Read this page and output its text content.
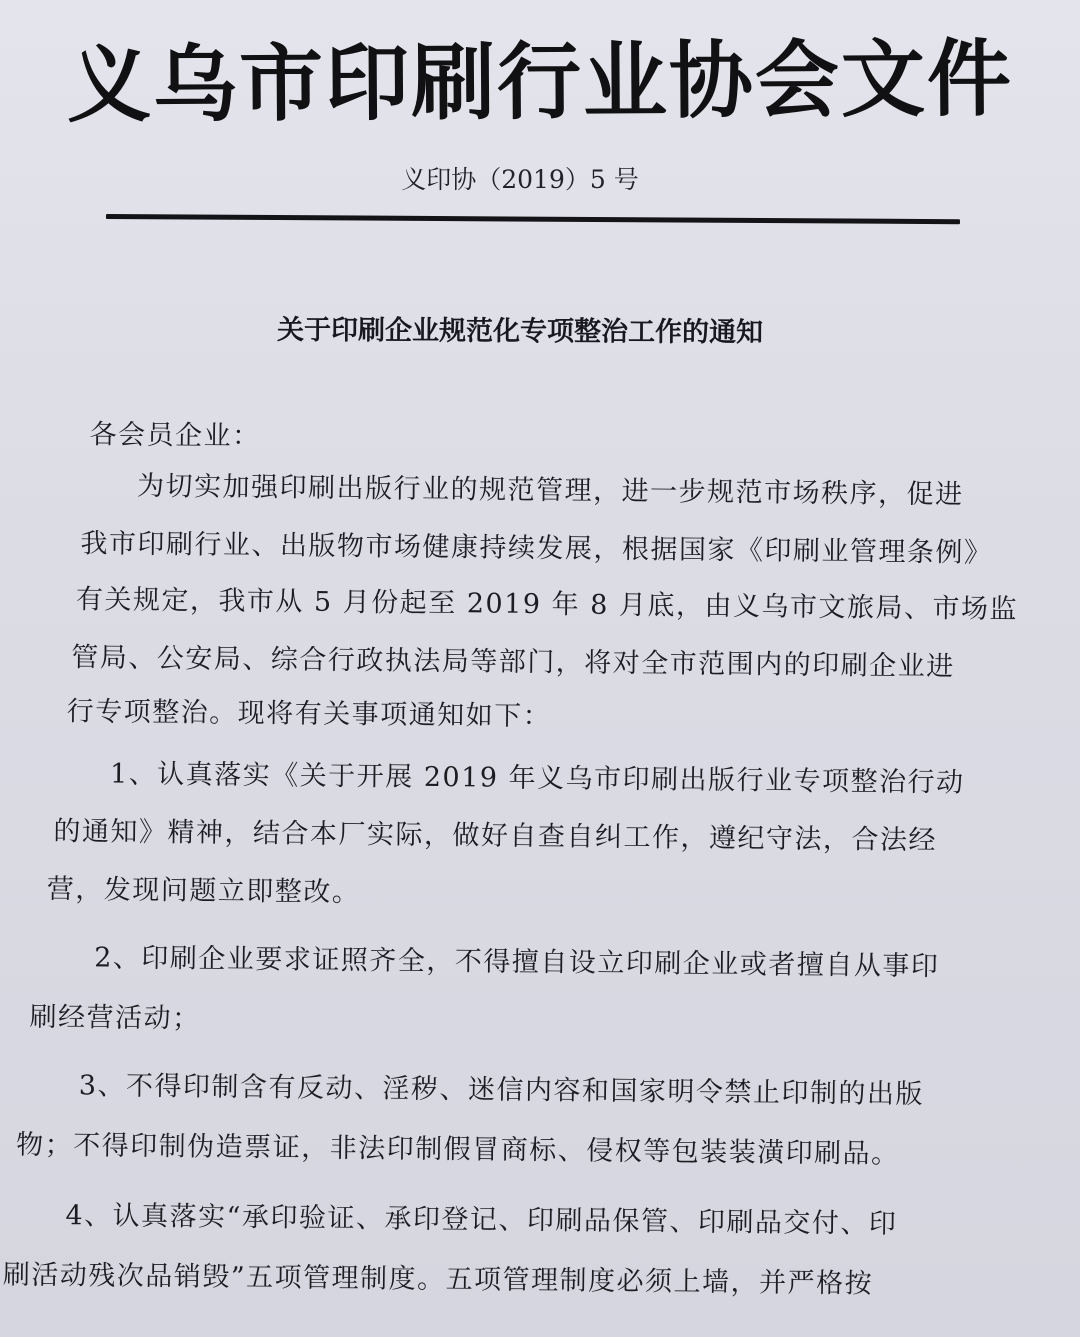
义乌市印刷行业协会文件
义印协（2019）5 号
关于印刷企业规范化专项整治工作的通知
各会员企业：
为切实加强印刷出版行业的规范管理，进一步规范市场秩序，促进
我市印刷行业、出版物市场健康持续发展，根据国家《印刷业管理条例》
有关规定，我市从 5 月份起至 2019 年 8 月底，由义乌市文旅局、市场监
管局、公安局、综合行政执法局等部门，将对全市范围内的印刷企业进
行专项整治。现将有关事项通知如下：
1、认真落实《关于开展 2019 年义乌市印刷出版行业专项整治行动
的通知》精神，结合本厂实际，做好自查自纠工作，遵纪守法，合法经
营，发现问题立即整改。
2、印刷企业要求证照齐全，不得擅自设立印刷企业或者擅自从事印
刷经营活动；
3、不得印制含有反动、淫秽、迷信内容和国家明令禁止印制的出版
物；不得印制伪造票证，非法印制假冒商标、侵权等包装装潢印刷品。
4、认真落实“承印验证、承印登记、印刷品保管、印刷品交付、印
刷活动残次品销毁”五项管理制度。五项管理制度必须上墙，并严格按
